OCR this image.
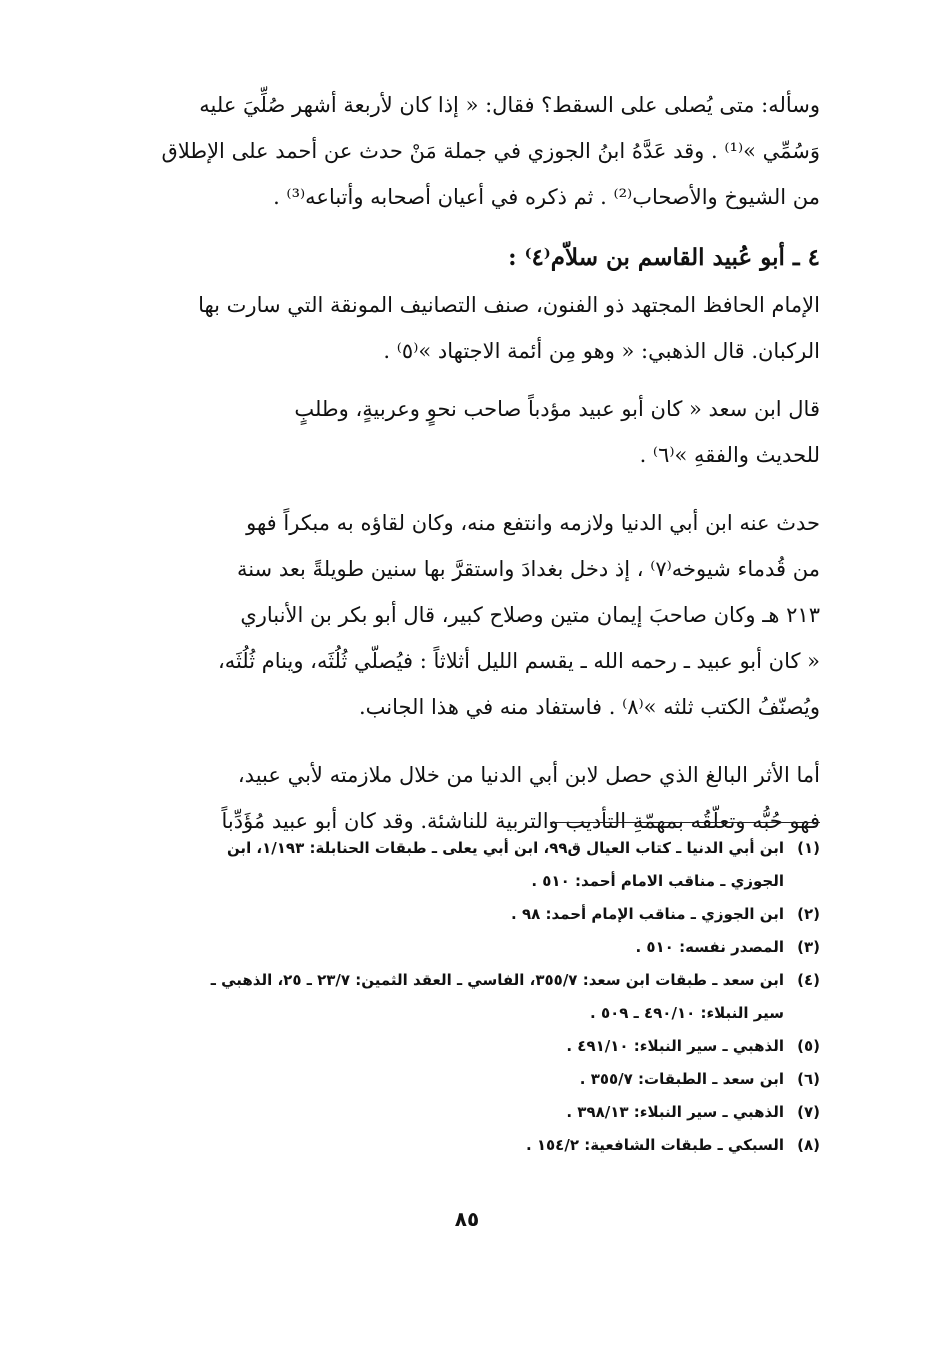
وسأله: متى يُصلى على السقط؟ فقال: « إذا كان لأربعة أشهر صُلِّيَ عليه
وَسُمِّي »⁽¹⁾ . وقد عَدَّهُ ابنُ الجوزي في جملة مَنْ حدث عن أحمد على الإطلاق
من الشيوخ والأصحاب⁽²⁾ . ثم ذكره في أعيان أصحابه وأتباعه⁽³⁾ .

٤ ـ أبو عُبيد القاسم بن سلاّم⁽٤⁾ :

الإمام الحافظ المجتهد ذو الفنون، صنف التصانيف المونقة التي سارت بها
الركبان. قال الذهبي: « وهو مِن أئمة الاجتهاد »⁽٥⁾ .

قال ابن سعد « كان أبو عبيد مؤدباً صاحب نحوٍ وعربيةٍ، وطلبٍ
للحديث والفقهِ »⁽٦⁾ .

حدث عنه ابن أبي الدنيا ولازمه وانتفع منه، وكان لقاؤه به مبكراً فهو
من قُدماء شيوخه⁽٧⁾ ، إذ دخل بغدادَ واستقرَّ بها سنين طويلةً بعد سنة
٢١٣ هـ وكان صاحبَ إيمان متين وصلاح كبير، قال أبو بكر بن الأنباري
« كان أبو عبيد ـ رحمه الله ـ يقسم الليل أثلاثاً : فيُصلّي ثُلُثَه، وينام ثُلُثَه،
ويُصنّفُ الكتب ثلثه »⁽٨⁾ . فاستفاد منه في هذا الجانب.

أما الأثر البالغ الذي حصل لابن أبي الدنيا من خلال ملازمته لأبي عبيد،
فهو حُبُّه وتعلّقُه بمهمّةِ التأديب والتربية للناشئة. وقد كان أبو عبيد مُؤَدِّباً

(١)
ابن أبي الدنيا ـ كتاب العيال ق٩٩، ابن أبي يعلى ـ طبقات الحنابلة: ١/١٩٣، ابن
الجوزي ـ مناقب الامام أحمد: ٥١٠ .
(٢)
ابن الجوزي ـ مناقب الإمام أحمد: ٩٨ .
(٣)
المصدر نفسه: ٥١٠ .
(٤)
ابن سعد ـ طبقات ابن سعد: ٣٥٥/٧، الفاسي ـ العقد الثمين: ٢٣/٧ ـ ٢٥، الذهبي ـ
سير النبلاء: ٤٩٠/١٠ ـ ٥٠٩ .
(٥)
الذهبي ـ سير النبلاء: ٤٩١/١٠ .
(٦)
ابن سعد ـ الطبقات: ٣٥٥/٧ .
(٧)
الذهبي ـ سير النبلاء: ٣٩٨/١٣ .
(٨)
السبكي ـ طبقات الشافعية: ١٥٤/٢ .
٨٥
